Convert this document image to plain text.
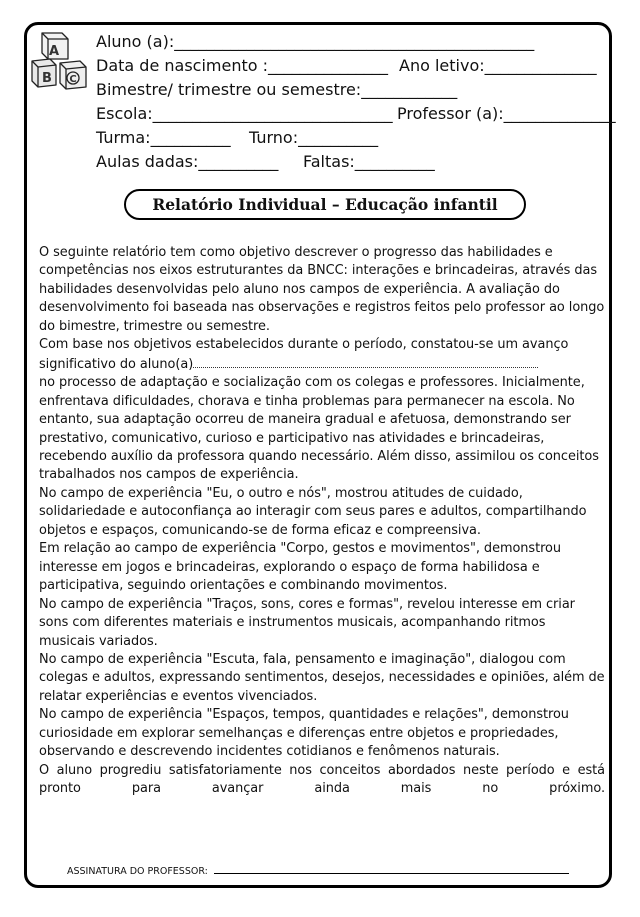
A
B C
Aluno (a):_____________________________________________
Data de nascimento :_______________ Ano letivo:______________
Bimestre/ trimestre ou semestre:____________
Escola:______________________________ Professor (a):______________
Turma:__________ Turno:__________
Aulas dadas:__________ Faltas:__________
Relatório Individual – Educação infantil

O seguinte relatório tem como objetivo descrever o progresso das habilidades e competências nos eixos estruturantes da BNCC: interações e brincadeiras, através das habilidades desenvolvidas pelo aluno nos campos de experiência. A avaliação do desenvolvimento foi baseada nas observações e registros feitos pelo professor ao longo do bimestre, trimestre ou semestre.

Com base nos objetivos estabelecidos durante o período, constatou-se um avanço significativo do aluno(a)

no processo de adaptação e socialização com os colegas e professores. Inicialmente, enfrentava dificuldades, chorava e tinha problemas para permanecer na escola. No entanto, sua adaptação ocorreu de maneira gradual e afetuosa, demonstrando ser prestativo, comunicativo, curioso e participativo nas atividades e brincadeiras, recebendo auxílio da professora quando necessário. Além disso, assimilou os conceitos trabalhados nos campos de experiência.

No campo de experiência "Eu, o outro e nós", mostrou atitudes de cuidado, solidariedade e autoconfiança ao interagir com seus pares e adultos, compartilhando objetos e espaços, comunicando-se de forma eficaz e compreensiva.

Em relação ao campo de experiência "Corpo, gestos e movimentos", demonstrou interesse em jogos e brincadeiras, explorando o espaço de forma habilidosa e participativa, seguindo orientações e combinando movimentos.

No campo de experiência "Traços, sons, cores e formas", revelou interesse em criar sons com diferentes materiais e instrumentos musicais, acompanhando ritmos musicais variados.

No campo de experiência "Escuta, fala, pensamento e imaginação", dialogou com colegas e adultos, expressando sentimentos, desejos, necessidades e opiniões, além de relatar experiências e eventos vivenciados.

No campo de experiência "Espaços, tempos, quantidades e relações", demonstrou curiosidade em explorar semelhanças e diferenças entre objetos e propriedades, observando e descrevendo incidentes cotidianos e fenômenos naturais.

O aluno progrediu satisfatoriamente nos conceitos abordados neste período e está pronto para avançar ainda mais no próximo.

ASSINATURA DO PROFESSOR:
